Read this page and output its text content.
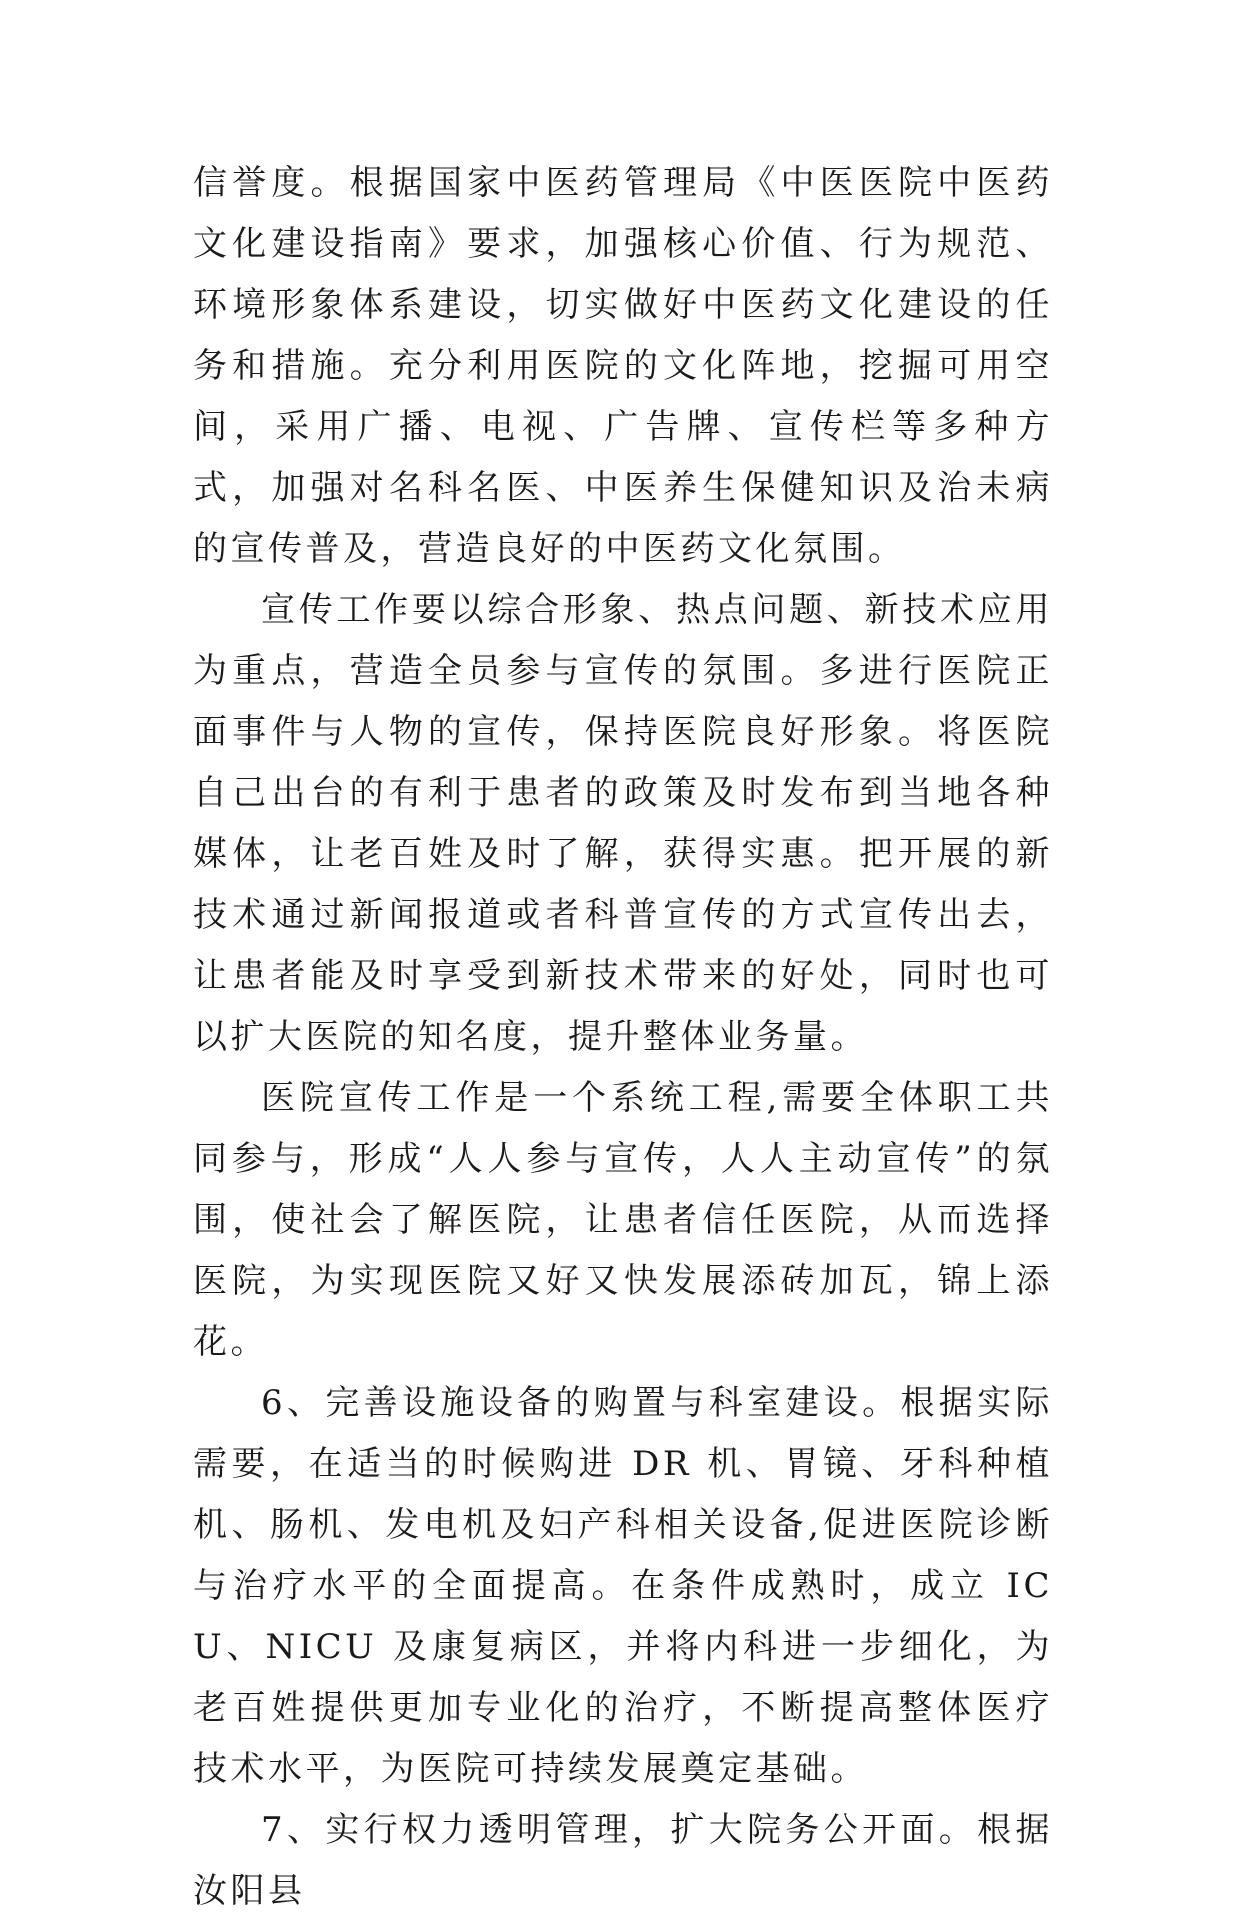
信誉度。根据国家中医药管理局《中医医院中医药文化建设指南》要求，加强核心价值、行为规范、环境形象体系建设，切实做好中医药文化建设的任务和措施。充分利用医院的文化阵地，挖掘可用空间，采用广播、电视、广告牌、宣传栏等多种方式，加强对名科名医、中医养生保健知识及治未病的宣传普及，营造良好的中医药文化氛围。

宣传工作要以综合形象、热点问题、新技术应用为重点，营造全员参与宣传的氛围。多进行医院正面事件与人物的宣传，保持医院良好形象。将医院自己出台的有利于患者的政策及时发布到当地各种媒体，让老百姓及时了解，获得实惠。把开展的新技术通过新闻报道或者科普宣传的方式宣传出去，让患者能及时享受到新技术带来的好处，同时也可以扩大医院的知名度，提升整体业务量。

医院宣传工作是一个系统工程,需要全体职工共同参与，形成“人人参与宣传，人人主动宣传”的氛围，使社会了解医院，让患者信任医院，从而选择医院，为实现医院又好又快发展添砖加瓦，锦上添花。

6、完善设施设备的购置与科室建设。根据实际需要，在适当的时候购进 DR 机、胃镜、牙科种植机、肠机、发电机及妇产科相关设备,促进医院诊断与治疗水平的全面提高。在条件成熟时，成立 ICU、NICU 及康复病区，并将内科进一步细化，为老百姓提供更加专业化的治疗，不断提高整体医疗技术水平，为医院可持续发展奠定基础。

7、实行权力透明管理，扩大院务公开面。根据汝阳县
